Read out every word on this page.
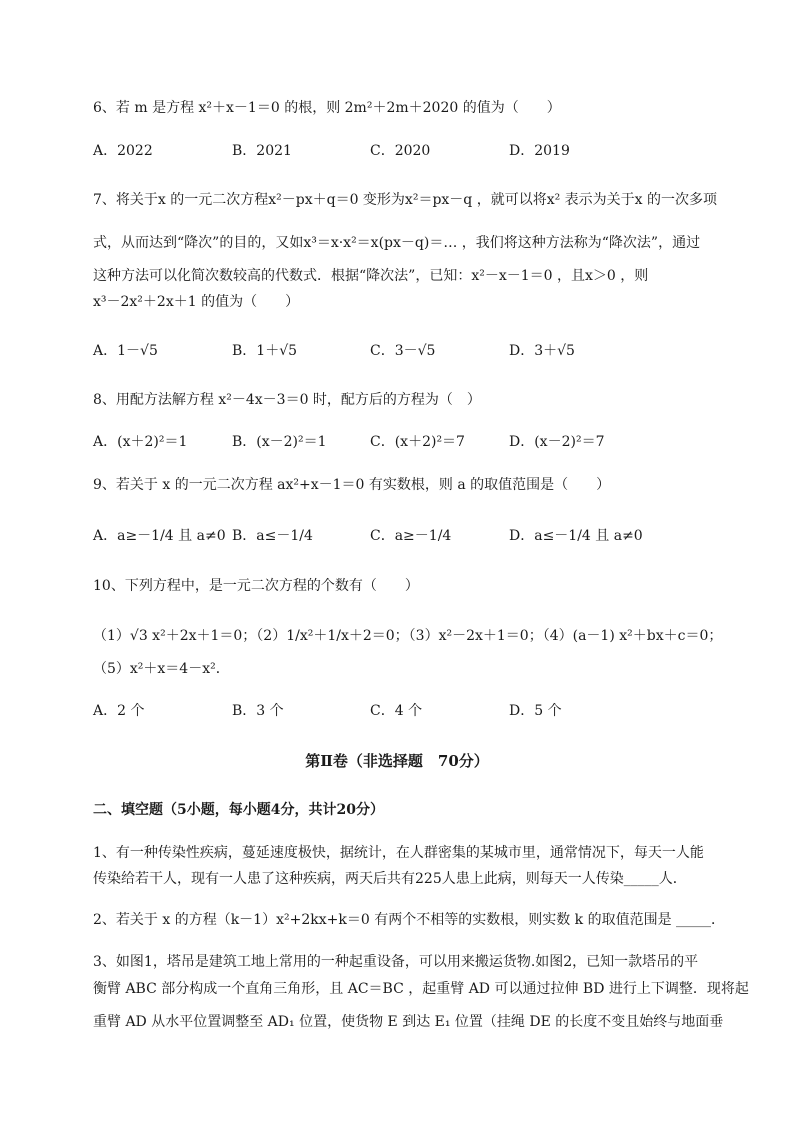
6、若 m 是方程 x²＋x－1＝0 的根，则 2m²＋2m＋2020 的值为（　　）
A．2022	B．2021	C．2020	D．2019
7、将关于x 的一元二次方程x²－px＋q＝0 变形为x²＝px－q ，就可以将x² 表示为关于x 的一次多项
式，从而达到“降次”的目的，又如x³＝x·x²＝x(px－q)＝… ，我们将这种方法称为“降次法”，通过
这种方法可以化简次数较高的代数式．根据“降次法”，已知：x²－x－1＝0 ，且x＞0 ，则
x³－2x²＋2x＋1 的值为（　　）
A．1－√5	B．1＋√5	C．3－√5	D．3＋√5
8、用配方法解方程 x²－4x－3＝0 时，配方后的方程为（　）
A．(x＋2)²＝1	B．(x－2)²＝1	C．(x＋2)²＝7	D．(x－2)²＝7
9、若关于 x 的一元二次方程 ax²+x－1＝0 有实数根，则 a 的取值范围是（　　）
A．a≥－1/4 且 a≠0 B．a≤－1/4	C．a≥－1/4	D．a≤－1/4 且 a≠0
10、下列方程中，是一元二次方程的个数有（　　）
（1）√3 x²＋2x＋1＝0；（2）1/x²＋1/x＋2＝0；（3）x²－2x＋1＝0；（4）(a－1) x²＋bx＋c＝0；
（5）x²＋x＝4－x²．
A．2 个	B．3 个	C．4 个	D．5 个
第Ⅱ卷（非选择题　70分）
二、填空题（5小题，每小题4分，共计20分）
1、有一种传染性疾病，蔓延速度极快，据统计，在人群密集的某城市里，通常情况下，每天一人能
传染给若干人，现有一人患了这种疾病，两天后共有225人患上此病，则每天一人传染_____人．
2、若关于 x 的方程（k－1）x²+2kx+k＝0 有两个不相等的实数根，则实数 k 的取值范围是 _____．
3、如图1，塔吊是建筑工地上常用的一种起重设备，可以用来搬运货物.如图2，已知一款塔吊的平
衡臂 ABC 部分构成一个直角三角形，且 AC＝BC ，起重臂 AD 可以通过拉伸 BD 进行上下调整．现将起
重臂 AD 从水平位置调整至 AD₁ 位置，使货物 E 到达 E₁ 位置（挂绳 DE 的长度不变且始终与地面垂
